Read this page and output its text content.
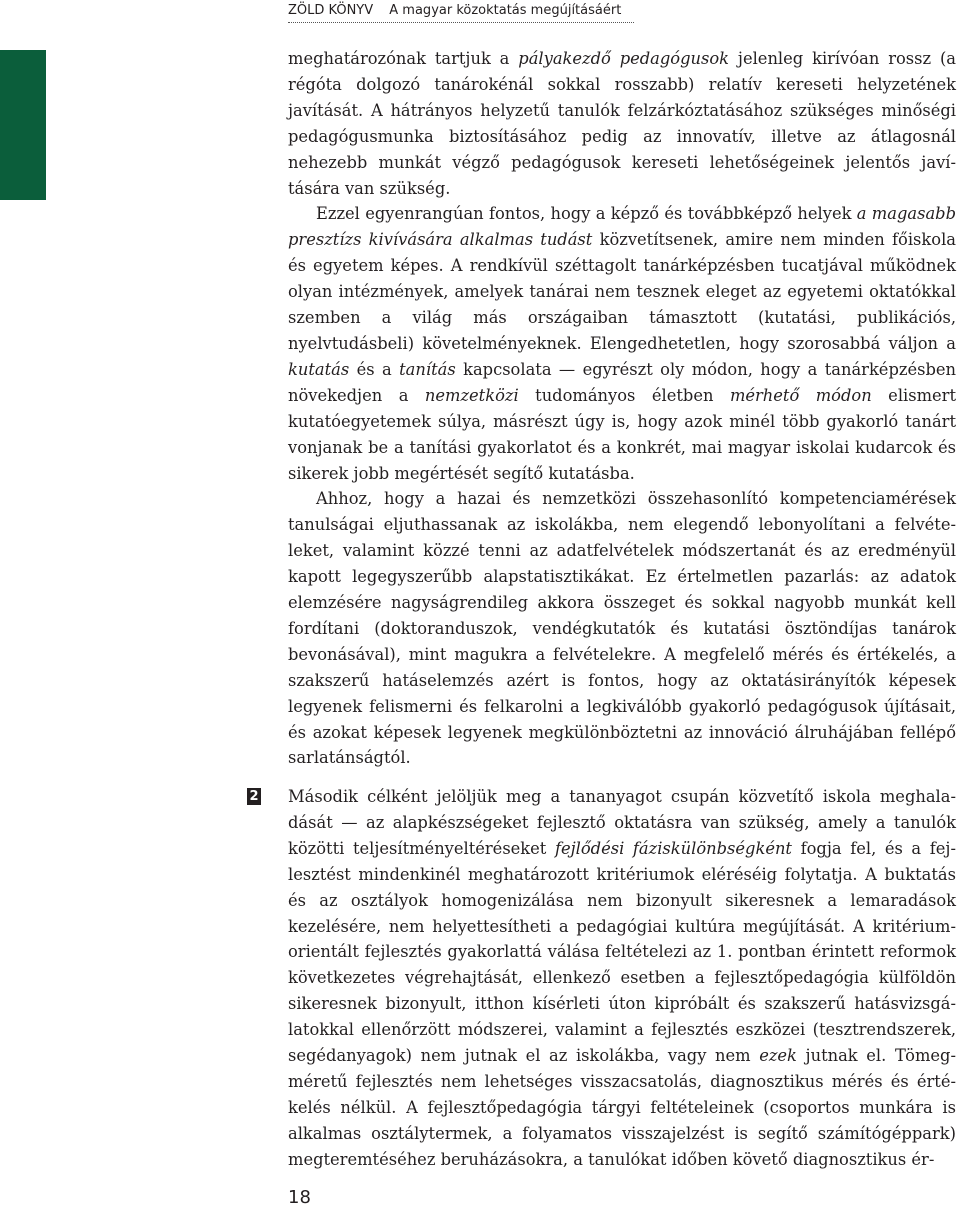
ZÖLD KÖNYV A magyar közoktatás megújításáért

meghatározónak tartjuk a pályakezdő pedagógusok jelenleg kirívóan rossz (a régóta dolgozó tanárokénál sokkal rosszabb) relatív kereseti helyzetének javítását. A hátrányos helyzetű tanulók felzárkóztatásához szükséges minőségi pedagógusmunka biztosításához pedig az innovatív, illetve az átlagosnál nehezebb munkát végző pedagógusok kereseti lehetőségeinek jelentős javítására van szükség.

Ezzel egyenrangúan fontos, hogy a képző és továbbképző helyek a magasabb presztízs kivívására alkalmas tudást közvetítsenek, amire nem minden főiskola és egyetem képes. A rendkívül széttagolt tanárképzésben tucatjával működnek olyan intézmények, amelyek tanárai nem tesznek eleget az egyetemi oktatókkal szemben a világ más országaiban támasztott (kutatási, publikációs, nyelvtudásbeli) követelményeknek. Elengedhetetlen, hogy szorosabbá váljon a kutatás és a tanítás kapcsolata — egyrészt oly módon, hogy a tanárképzésben növekedjen a nemzetközi tudományos életben mérhető módon elismert kutatóegyetemek súlya, másrészt úgy is, hogy azok minél több gyakorló tanárt vonjanak be a tanítási gyakorlatot és a konkrét, mai magyar iskolai kudarcok és sikerek jobb megértését segítő kutatásba.

Ahhoz, hogy a hazai és nemzetközi összehasonlító kompetenciamérések tanulságai eljuthassanak az iskolákba, nem elegendő lebonyolítani a felvételeket, valamint közzé tenni az adatfelvételek módszertanát és az eredményül kapott legegyszerűbb alapstatisztikákat. Ez értelmetlen pazarlás: az adatok elemzésére nagyságrendileg akkora összeget és sokkal nagyobb munkát kell fordítani (doktoranduszok, vendégkutatók és kutatási ösztöndíjas tanárok bevonásával), mint magukra a felvételekre. A megfelelő mérés és értékelés, a szakszerű hatáselemzés azért is fontos, hogy az oktatásirányítók képesek legyenek felismerni és felkarolni a legkiválóbb gyakorló pedagógusok újításait, és azokat képesek legyenek megkülönböztetni az innováció álruhájában fellépő sarlatánságtól.

2 Második célként jelöljük meg a tananyagot csupán közvetítő iskola meghaladását — az alapkészségeket fejlesztő oktatásra van szükség, amely a tanulók közötti teljesítményeltéréseket fejlődési fáziskülönbségként fogja fel, és a fejlesztést mindenkinél meghatározott kritériumok eléréséig folytatja. A buktatás és az osztályok homogenizálása nem bizonyult sikeresnek a lemaradások kezelésére, nem helyettesítheti a pedagógiai kultúra megújítását. A kritériumorientált fejlesztés gyakorlattá válása feltételezi az 1. pontban érintett reformok következetes végrehajtását, ellenkező esetben a fejlesztőpedagógia külföldön sikeresnek bizonyult, itthon kísérleti úton kipróbált és szakszerű hatásvizsgálatokkal ellenőrzött módszerei, valamint a fejlesztés eszközei (tesztrendszerek, segédanyagok) nem jutnak el az iskolákba, vagy nem ezek jutnak el. Tömegméretű fejlesztés nem lehetséges visszacsatolás, diagnosztikus mérés és értékelés nélkül. A fejlesztőpedagógia tárgyi feltételeinek (csoportos munkára is alkalmas osztálytermek, a folyamatos visszajelzést is segítő számítógéppark) megteremtéséhez beruházásokra, a tanulókat időben követő diagnosztikus ér-

18
